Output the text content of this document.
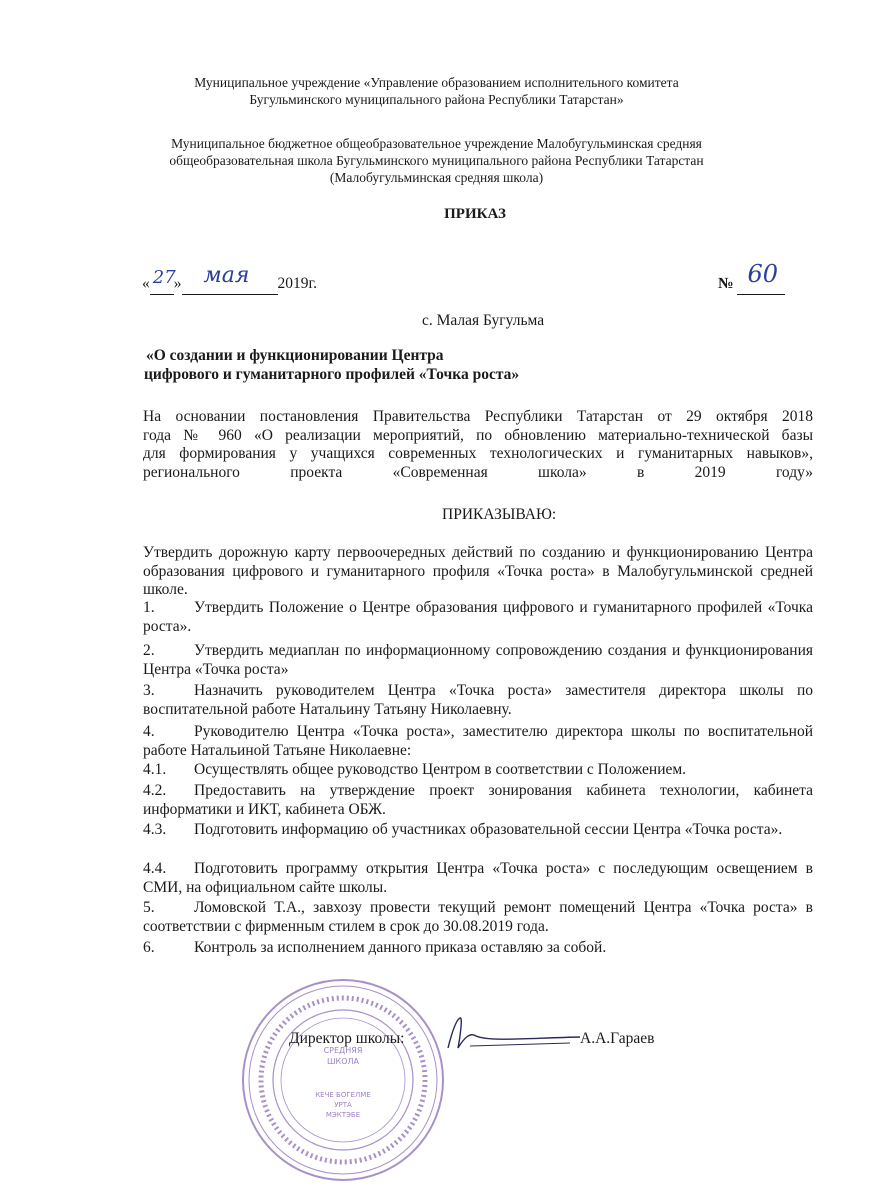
Муниципальное учреждение «Управление образованием исполнительного комитета
Бугульминского муниципального района Республики Татарстан»
Муниципальное бюджетное общеобразовательное учреждение Малобугульминская средняя
общеобразовательная школа Бугульминского муниципального района Республики Татарстан
(Малобугульминская средняя школа)
ПРИКАЗ
« 27
» мая 2019г.	№ 60

с. Малая Бугульма
«О создании и функционировании Центра
цифрового и гуманитарного профилей «Точка роста»
На основании постановления Правительства Республики Татарстан от 29 октября 2018
года № 960 «О реализации мероприятий, по обновлению материально-технической базы
для формирования у учащихся современных технологических и гуманитарных навыков»,
регионального	проекта	«Современная	школа»	в	2019	году»
ПРИКАЗЫВАЮ:
Утвердить дорожную карту первоочередных действий по созданию и функционированию Центра образования цифрового и гуманитарного профиля «Точка роста» в Малобугульминской средней школе.
1.	Утвердить Положение о Центре образования цифрового и гуманитарного профилей «Точка роста».
2.	Утвердить медиаплан по информационному сопровождению создания и функционирования Центра «Точка роста»
3.	Назначить руководителем Центра «Точка роста» заместителя директора школы по воспитательной работе Натальину Татьяну Николаевну.
4.	Руководителю Центра «Точка роста», заместителю директора школы по воспитательной работе Натальиной Татьяне Николаевне:
4.1. Осуществлять общее руководство Центром в соответствии с Положением.
4.2. Предоставить на утверждение проект зонирования кабинета технологии, кабинета информатики и ИКТ, кабинета ОБЖ.
4.3. Подготовить информацию об участниках образовательной сессии Центра «Точка роста».
4.4. Подготовить программу открытия Центра «Точка роста» с последующим освещением в СМИ, на официальном сайте школы.
5.	Ломовской Т.А., завхозу провести текущий ремонт помещений Центра «Точка роста» в соответствии с фирменным стилем в срок до 30.08.2019 года.
6.	Контроль за исполнением данного приказа оставляю за собой.
СРЕДНЯЯ
ШКОЛА
КЕЧЕ БОГЕЛМЕ
УРТА
МЭКТЭБЕ
Директор школы:	А.А.Гараев
